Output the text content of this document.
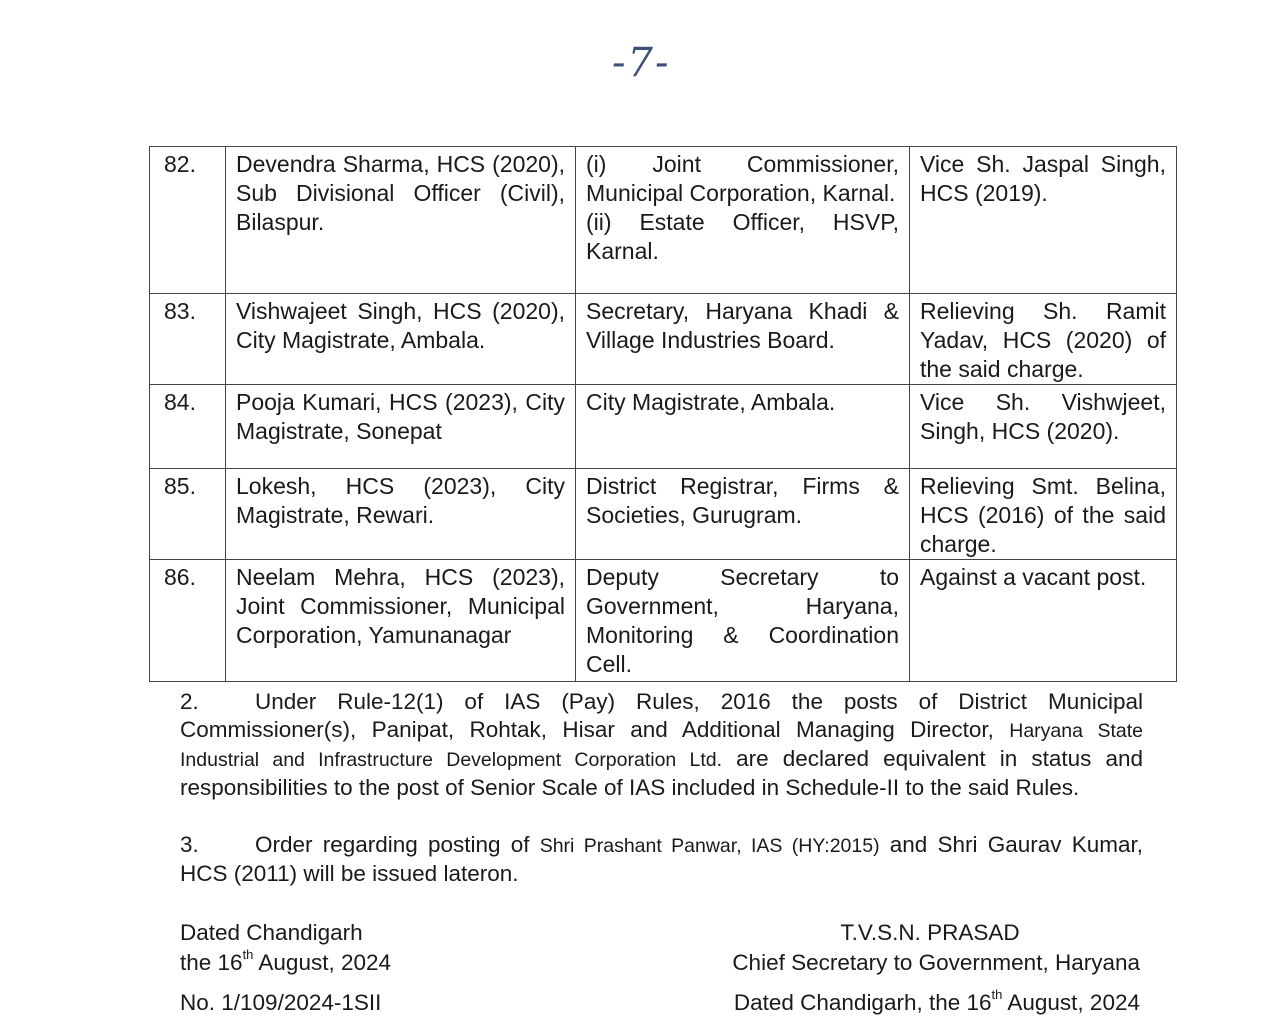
-7-
82.	Devendra Sharma, HCS (2020), Sub Divisional Officer (Civil), Bilaspur.	(i) Joint Commissioner, Municipal Corporation, Karnal.
(ii) Estate Officer, HSVP, Karnal.	Vice Sh. Jaspal Singh, HCS (2019).
83.	Vishwajeet Singh, HCS (2020), City Magistrate, Ambala.	Secretary, Haryana Khadi & Village Industries Board.	Relieving Sh. Ramit Yadav, HCS (2020) of the said charge.
84.	Pooja Kumari, HCS (2023), City Magistrate, Sonepat	City Magistrate, Ambala.	Vice Sh. Vishwjeet, Singh, HCS (2020).
85.	Lokesh, HCS (2023), City Magistrate, Rewari.	District Registrar, Firms & Societies, Gurugram.	Relieving Smt. Belina, HCS (2016) of the said charge.
86.	Neelam Mehra, HCS (2023), Joint Commissioner, Municipal Corporation, Yamunanagar	Deputy Secretary to Government, Haryana, Monitoring & Coordination Cell.	Against a vacant post.
2. Under Rule-12(1) of IAS (Pay) Rules, 2016 the posts of District Municipal Commissioner(s), Panipat, Rohtak, Hisar and Additional Managing Director, Haryana State Industrial and Infrastructure Development Corporation Ltd. are declared equivalent in status and responsibilities to the post of Senior Scale of IAS included in Schedule-II to the said Rules.
3. Order regarding posting of Shri Prashant Panwar, IAS (HY:2015) and Shri Gaurav Kumar, HCS (2011) will be issued lateron.
Dated Chandigarh
the 16th August, 2024
No. 1/109/2024-1SII
T.V.S.N. PRASAD
Chief Secretary to Government, Haryana
Dated Chandigarh, the 16th August, 2024
